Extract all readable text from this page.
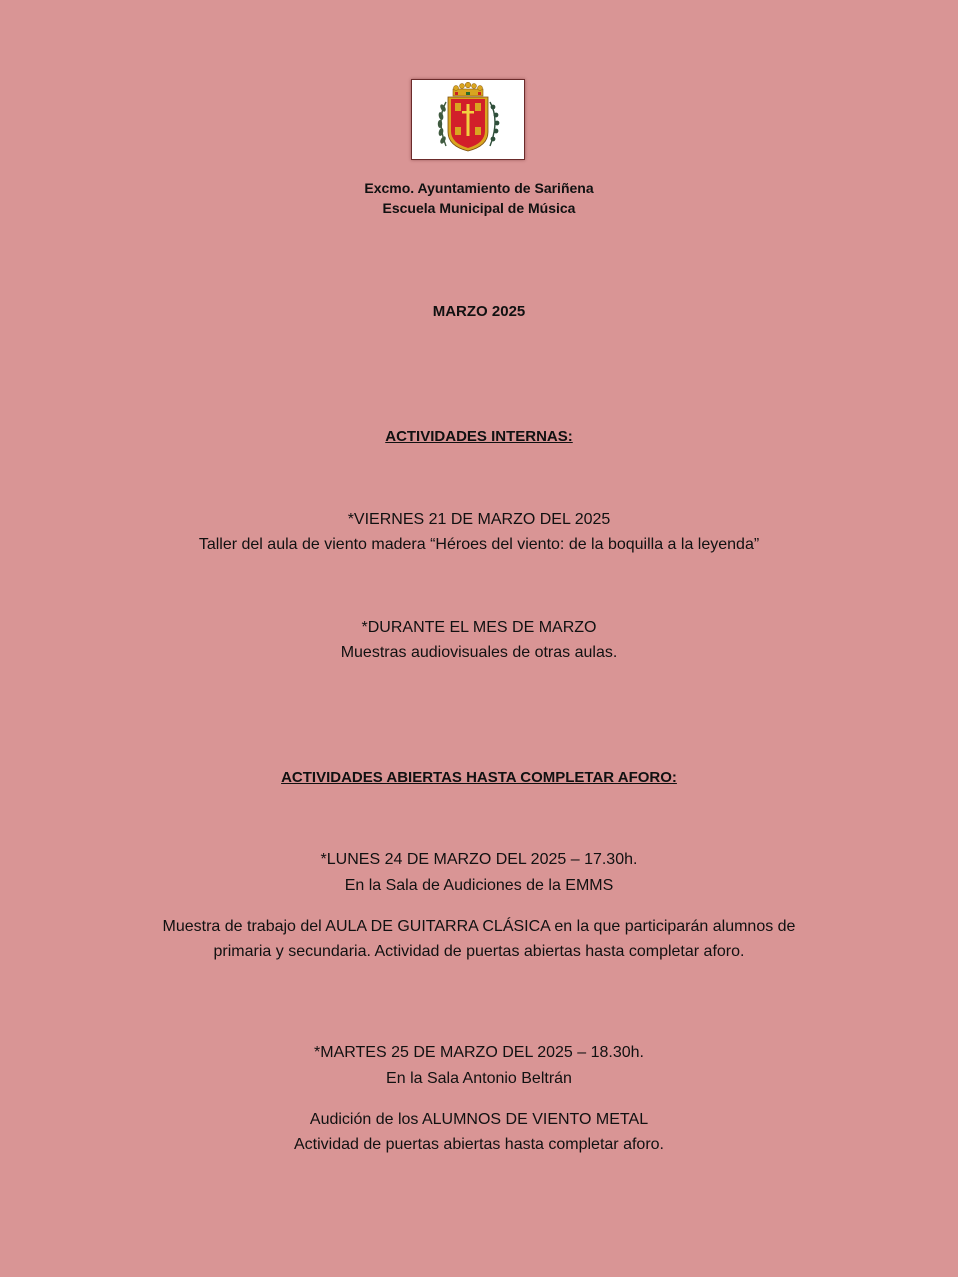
Excmo. Ayuntamiento de Sariñena
Escuela Municipal de Música
MARZO 2025
ACTIVIDADES INTERNAS:
*VIERNES 21 DE MARZO DEL 2025
Taller del aula de viento madera “Héroes del viento: de la boquilla a la leyenda”
*DURANTE EL MES DE MARZO
Muestras audiovisuales de otras aulas.
ACTIVIDADES ABIERTAS HASTA COMPLETAR AFORO:
*LUNES 24 DE MARZO DEL 2025 – 17.30h.
En la Sala de Audiciones de la EMMS
Muestra de trabajo del AULA DE GUITARRA CLÁSICA en la que participarán alumnos de
primaria y secundaria. Actividad de puertas abiertas hasta completar aforo.
*MARTES 25 DE MARZO DEL 2025 – 18.30h.
En la Sala Antonio Beltrán
Audición de los ALUMNOS DE VIENTO METAL
Actividad de puertas abiertas hasta completar aforo.
